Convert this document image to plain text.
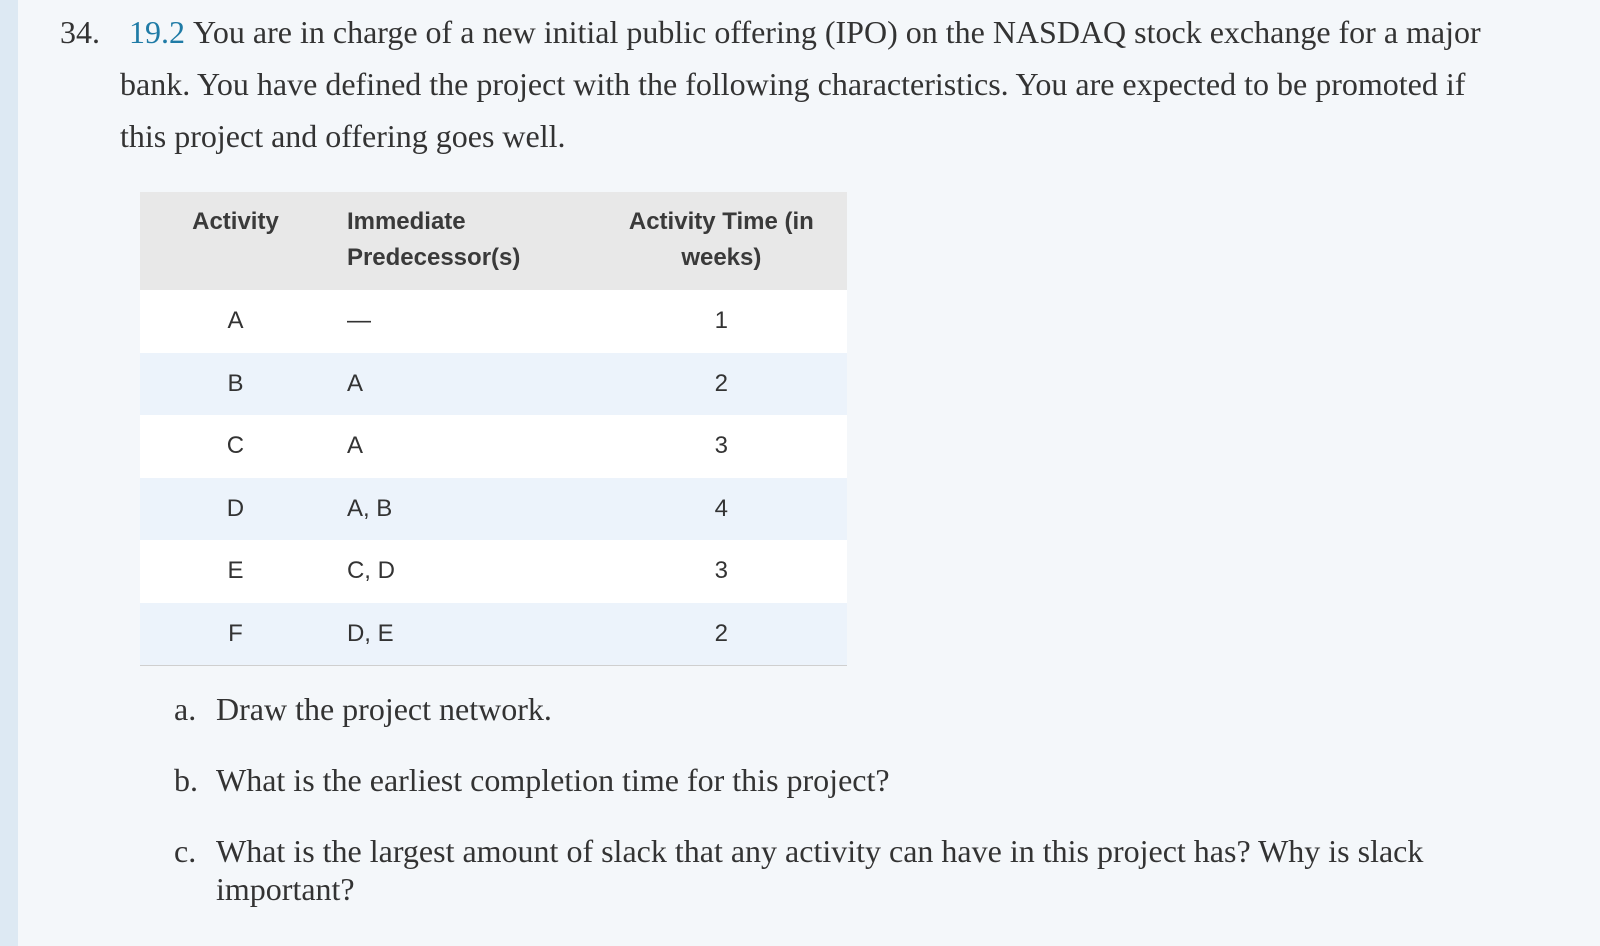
34. 19.2 You are in charge of a new initial public offering (IPO) on the NASDAQ stock exchange for a major bank. You have defined the project with the following characteristics. You are expected to be promoted if this project and offering goes well.
Activity	Immediate Predecessor(s)	Activity Time (in weeks)
A	—	1
B	A	2
C	A	3
D	A, B	4
E	C, D	3
F	D, E	2
a. Draw the project network.
b. What is the earliest completion time for this project?
c. What is the largest amount of slack that any activity can have in this project has? Why is slack important?
